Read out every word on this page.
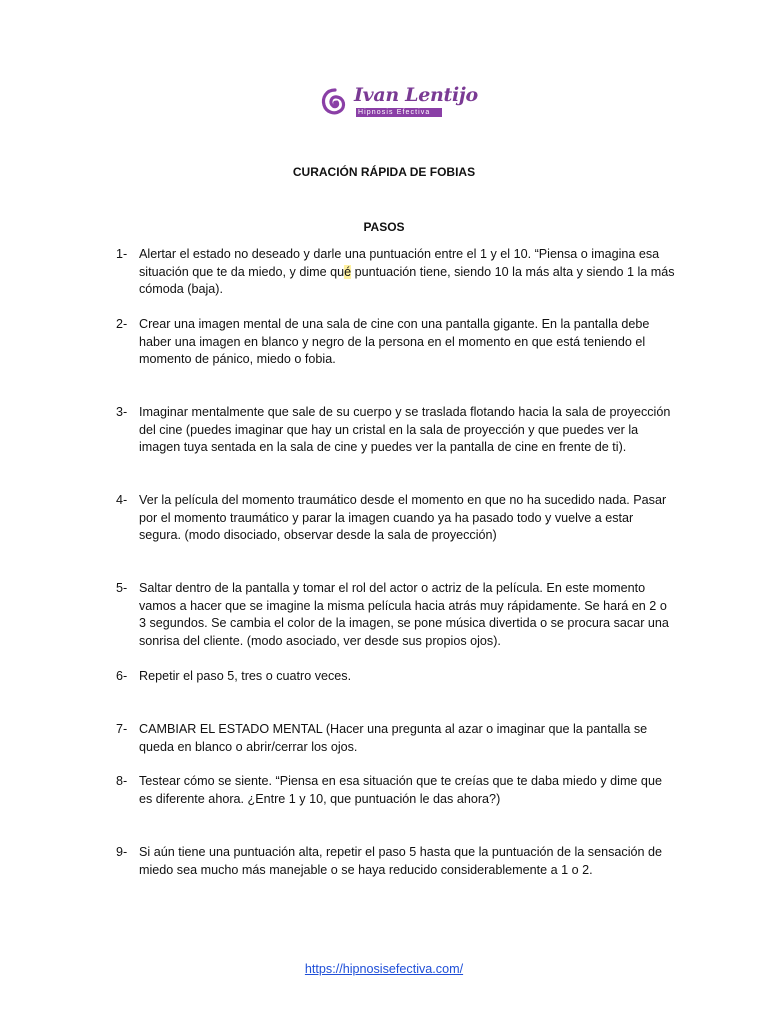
Ivan Lentijo
Hipnosis Efectiva
CURACIÓN RÁPIDA DE FOBIAS
PASOS
1- Alertar el estado no deseado y darle una puntuación entre el 1 y el 10. “Piensa o imagina esa situación que te da miedo, y dime qué puntuación tiene, siendo 10 la más alta y siendo 1 la más cómoda (baja).
2- Crear una imagen mental de una sala de cine con una pantalla gigante. En la pantalla debe haber una imagen en blanco y negro de la persona en el momento en que está teniendo el momento de pánico, miedo o fobia.
3- Imaginar mentalmente que sale de su cuerpo y se traslada flotando hacia la sala de proyección del cine (puedes imaginar que hay un cristal en la sala de proyección y que puedes ver la imagen tuya sentada en la sala de cine y puedes ver la pantalla de cine en frente de ti).
4- Ver la película del momento traumático desde el momento en que no ha sucedido nada. Pasar por el momento traumático y parar la imagen cuando ya ha pasado todo y vuelve a estar segura. (modo disociado, observar desde la sala de proyección)
5- Saltar dentro de la pantalla y tomar el rol del actor o actriz de la película. En este momento vamos a hacer que se imagine la misma película hacia atrás muy rápidamente. Se hará en 2 o 3 segundos. Se cambia el color de la imagen, se pone música divertida o se procura sacar una sonrisa del cliente. (modo asociado, ver desde sus propios ojos).
6- Repetir el paso 5, tres o cuatro veces.
7- CAMBIAR EL ESTADO MENTAL (Hacer una pregunta al azar o imaginar que la pantalla se queda en blanco o abrir/cerrar los ojos.
8- Testear cómo se siente. “Piensa en esa situación que te creías que te daba miedo y dime que es diferente ahora. ¿Entre 1 y 10, que puntuación le das ahora?)
9- Si aún tiene una puntuación alta, repetir el paso 5 hasta que la puntuación de la sensación de miedo sea mucho más manejable o se haya reducido considerablemente a 1 o 2.
https://hipnosisefectiva.com/
